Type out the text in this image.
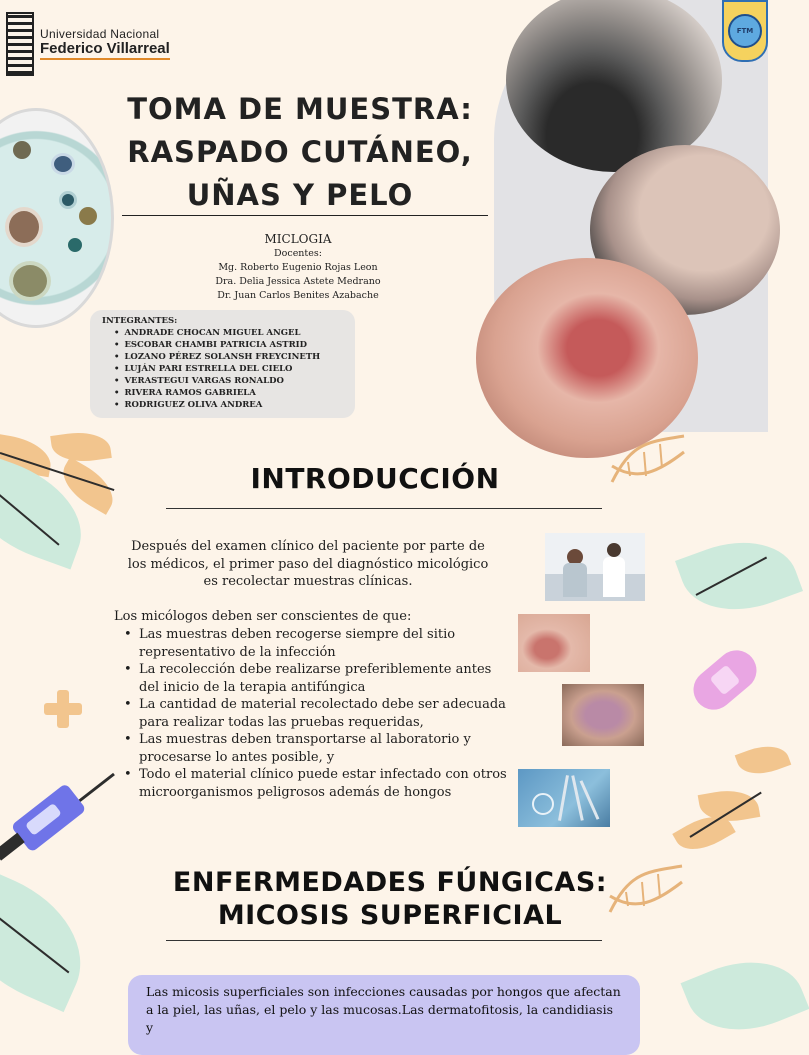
Universidad Nacional
Federico Villarreal
TOMA DE MUESTRA: RASPADO CUTÁNEO, UÑAS Y PELO
MICLOGIA
Docentes:
Mg. Roberto Eugenio Rojas Leon
Dra. Delia Jessica Astete Medrano
Dr. Juan Carlos Benites Azabache
INTEGRANTES:
• ANDRADE CHOCAN MIGUEL ANGEL
• ESCOBAR CHAMBI PATRICIA ASTRID
• LOZANO PÉREZ SOLANSH FREYCINETH
• LUJÁN PARI ESTRELLA DEL CIELO
• VERASTEGUI VARGAS RONALDO
• RIVERA RAMOS GABRIELA
• RODRIGUEZ OLIVA ANDREA
FTM
INTRODUCCIÓN
Después del examen clínico del paciente por parte de los médicos, el primer paso del diagnóstico micológico es recolectar muestras clínicas.
Los micólogos deben ser conscientes de que:
• Las muestras deben recogerse siempre del sitio representativo de la infección
• La recolección debe realizarse preferiblemente antes del inicio de la terapia antifúngica
• La cantidad de material recolectado debe ser adecuada para realizar todas las pruebas requeridas,
• Las muestras deben transportarse al laboratorio y procesarse lo antes posible, y
• Todo el material clínico puede estar infectado con otros microorganismos peligrosos además de hongos
ENFERMEDADES FÚNGICAS:
MICOSIS SUPERFICIAL
Las micosis superficiales son infecciones causadas por hongos que afectan a la piel, las uñas, el pelo y las mucosas.Las dermatofitosis, la candidiasis y
